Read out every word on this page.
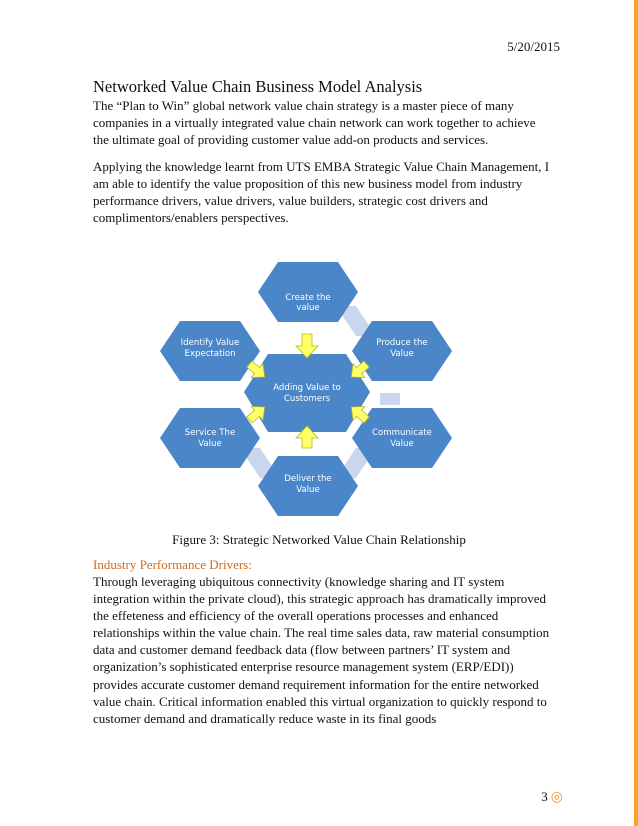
5/20/2015
Networked Value Chain Business Model Analysis

The “Plan to Win” global network value chain strategy is a master piece of many companies in a virtually integrated value chain network can work together to achieve the ultimate goal of providing customer value add-on products and services.

Applying the knowledge learnt from UTS EMBA Strategic Value Chain Management, I am able to identify the value proposition of this new business model from industry performance drivers, value drivers, value builders, strategic cost drivers and complimentors/enablers perspectives.

Create the
value
Produce the
Value
Communicate
Value
Deliver the
Value
Service The
Value
Identify Value
Expectation
Adding Value to
Customers
Figure 3: Strategic Networked Value Chain Relationship

Industry Performance Drivers:

Through leveraging ubiquitous connectivity (knowledge sharing and IT system integration within the private cloud), this strategic approach has dramatically improved the effeteness and efficiency of the overall operations processes and enhanced relationships within the value chain. The real time sales data, raw material consumption data and customer demand feedback data (flow between partners’ IT system and organization’s sophisticated enterprise resource management system (ERP/EDI)) provides accurate customer demand requirement information for the entire networked value chain. Critical information enabled this virtual organization to quickly respond to customer demand and dramatically reduce waste in its final goods

3 ◎
